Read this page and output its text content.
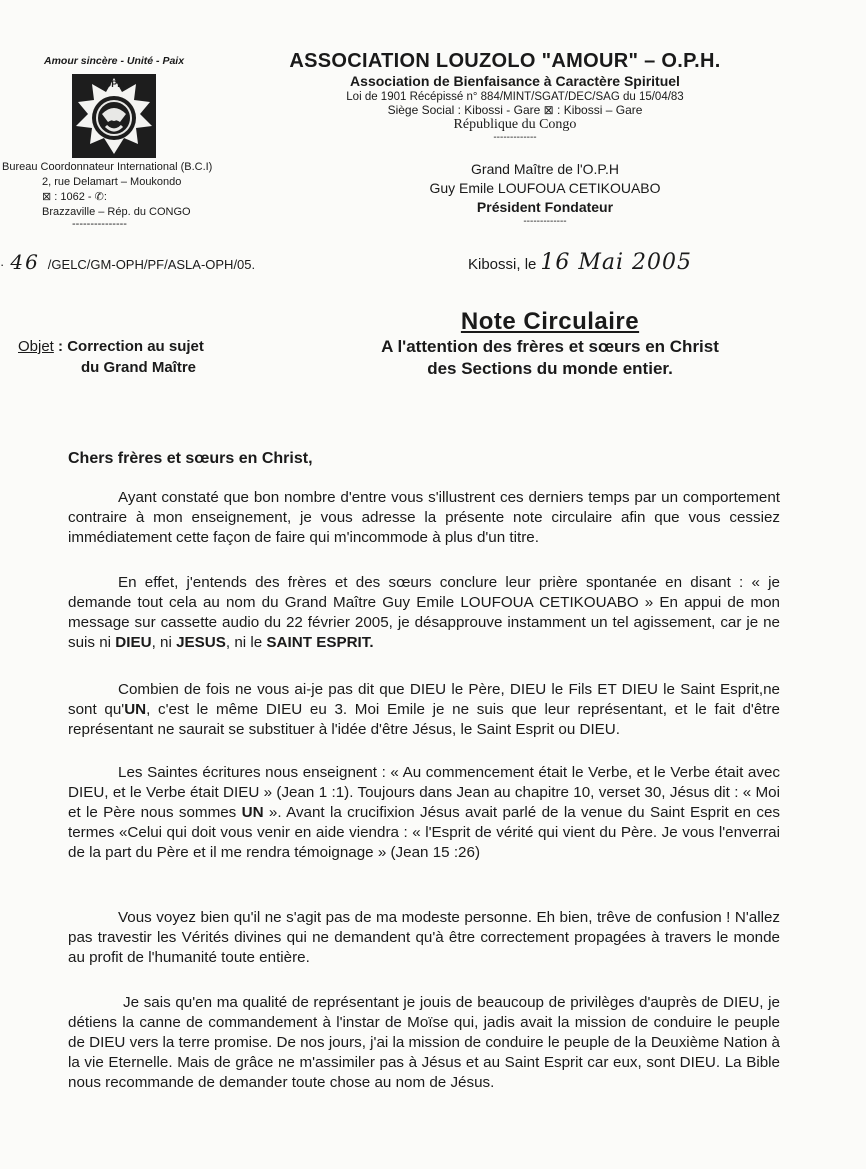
Amour sincère - Unité - Paix
OPH
Bureau Coordonnateur International (B.C.I)
2, rue Delamart – Moukondo
⊠ : 1062 - ✆:
Brazzaville – Rép. du CONGO
---------------
ASSOCIATION LOUZOLO "AMOUR" – O.P.H.
Association de Bienfaisance à Caractère Spirituel
Loi de 1901 Récépissé n° 884/MINT/SGAT/DEC/SAG du 15/04/83
Siège Social : Kibossi - Gare ⊠ : Kibossi – Gare
République du Congo
-------------
Grand Maître de l'O.P.H
Guy Emile LOUFOUA CETIKOUABO
Président Fondateur
-------------
· 46 /GELC/GM-OPH/PF/ASLA-OPH/05.	Kibossi, le 16 Mai 2005
Note Circulaire
A l'attention des frères et sœurs en Christ
des Sections du monde entier.
Objet : Correction au sujet
du Grand Maître
Chers frères et sœurs en Christ,
Ayant constaté que bon nombre d'entre vous s'illustrent ces derniers temps par un comportement contraire à mon enseignement, je vous adresse la présente note circulaire afin que vous cessiez immédiatement cette façon de faire qui m'incommode à plus d'un titre.
En effet, j'entends des frères et des sœurs conclure leur prière spontanée en disant : « je demande tout cela au nom du Grand Maître Guy Emile LOUFOUA CETIKOUABO » En appui de mon message sur cassette audio du 22 février 2005, je désapprouve instamment un tel agissement, car je ne suis ni DIEU, ni JESUS, ni le SAINT ESPRIT.
Combien de fois ne vous ai-je pas dit que DIEU le Père, DIEU le Fils ET DIEU le Saint Esprit,ne sont qu'UN, c'est le même DIEU eu 3. Moi Emile je ne suis que leur représentant, et le fait d'être représentant ne saurait se substituer à l'idée d'être Jésus, le Saint Esprit ou DIEU.
Les Saintes écritures nous enseignent : « Au commencement était le Verbe, et le Verbe était avec DIEU, et le Verbe était DIEU » (Jean 1 :1). Toujours dans Jean au chapitre 10, verset 30, Jésus dit : « Moi et le Père nous sommes UN ». Avant la crucifixion Jésus avait parlé de la venue du Saint Esprit en ces termes «Celui qui doit vous venir en aide viendra : « l'Esprit de vérité qui vient du Père. Je vous l'enverrai de la part du Père et il me rendra témoignage » (Jean 15 :26)
Vous voyez bien qu'il ne s'agit pas de ma modeste personne. Eh bien, trêve de confusion ! N'allez pas travestir les Vérités divines qui ne demandent qu'à être correctement propagées à travers le monde au profit de l'humanité toute entière.
Je sais qu'en ma qualité de représentant je jouis de beaucoup de privilèges d'auprès de DIEU, je détiens la canne de commandement à l'instar de Moïse qui, jadis avait la mission de conduire le peuple de DIEU vers la terre promise. De nos jours, j'ai la mission de conduire le peuple de la Deuxième Nation à la vie Eternelle. Mais de grâce ne m'assimiler pas à Jésus et au Saint Esprit car eux, sont DIEU. La Bible nous recommande de demander toute chose au nom de Jésus.
